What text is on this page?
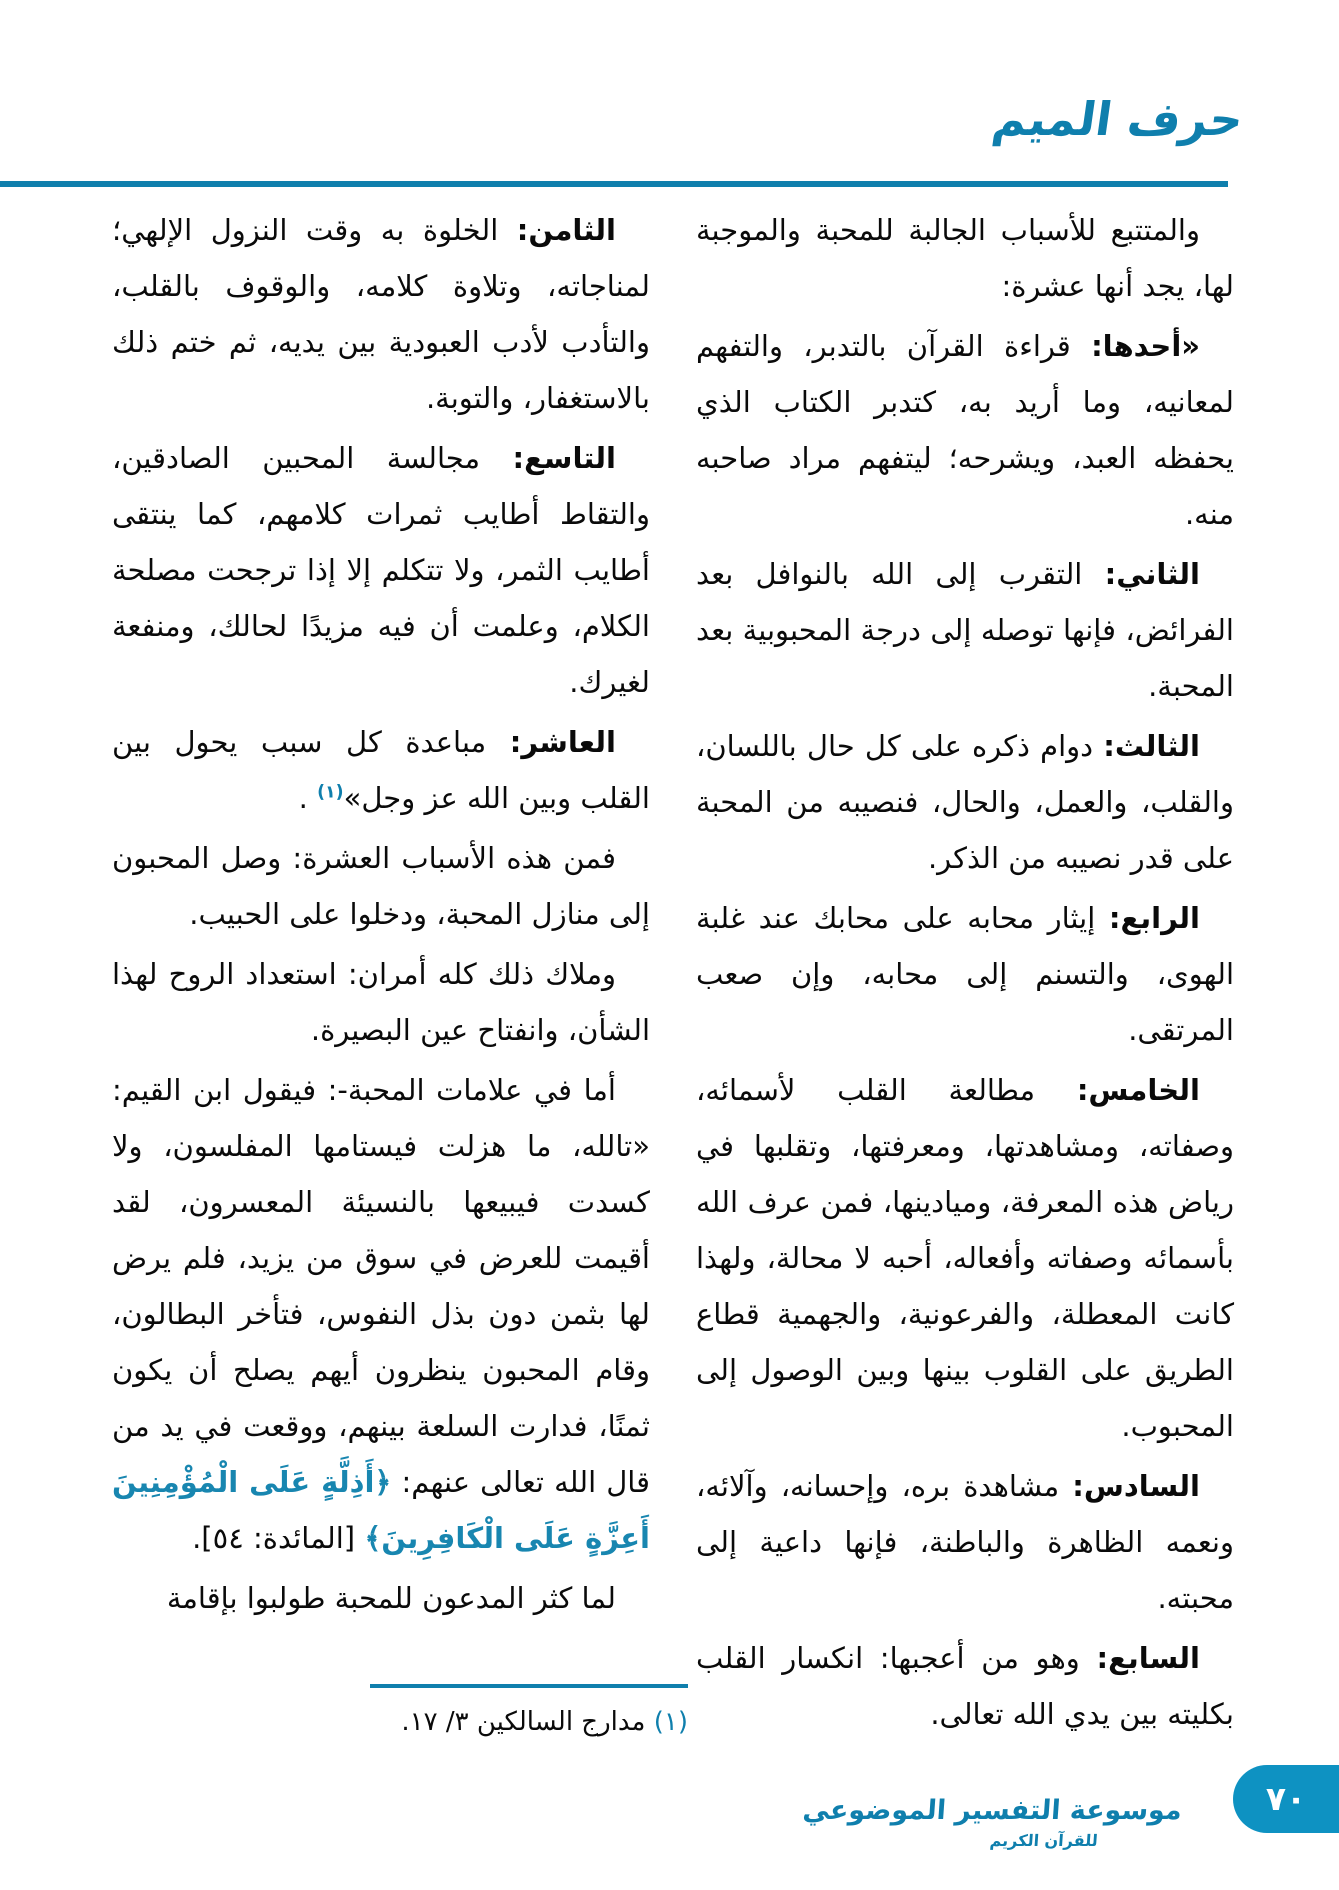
حرف الميم

والمتتبع للأسباب الجالبة للمحبة والموجبة لها، يجد أنها عشرة:

«أحدها: قراءة القرآن بالتدبر، والتفهم لمعانيه، وما أريد به، كتدبر الكتاب الذي يحفظه العبد، ويشرحه؛ ليتفهم مراد صاحبه منه.

الثاني: التقرب إلى الله بالنوافل بعد الفرائض، فإنها توصله إلى درجة المحبوبية بعد المحبة.

الثالث: دوام ذكره على كل حال باللسان، والقلب، والعمل، والحال، فنصيبه من المحبة على قدر نصيبه من الذكر.

الرابع: إيثار محابه على محابك عند غلبة الهوى، والتسنم إلى محابه، وإن صعب المرتقى.

الخامس: مطالعة القلب لأسمائه، وصفاته، ومشاهدتها، ومعرفتها، وتقلبها في رياض هذه المعرفة، وميادينها، فمن عرف الله بأسمائه وصفاته وأفعاله، أحبه لا محالة، ولهذا كانت المعطلة، والفرعونية، والجهمية قطاع الطريق على القلوب بينها وبين الوصول إلى المحبوب.

السادس: مشاهدة بره، وإحسانه، وآلائه، ونعمه الظاهرة والباطنة، فإنها داعية إلى محبته.

السابع: وهو من أعجبها: انكسار القلب بكليته بين يدي الله تعالى.

الثامن: الخلوة به وقت النزول الإلهي؛ لمناجاته، وتلاوة كلامه، والوقوف بالقلب، والتأدب لأدب العبودية بين يديه، ثم ختم ذلك بالاستغفار، والتوبة.

التاسع: مجالسة المحبين الصادقين، والتقاط أطايب ثمرات كلامهم، كما ينتقى أطايب الثمر، ولا تتكلم إلا إذا ترجحت مصلحة الكلام، وعلمت أن فيه مزيدًا لحالك، ومنفعة لغيرك.

العاشر: مباعدة كل سبب يحول بين القلب وبين الله عز وجل»$^{(١)}$ .

فمن هذه الأسباب العشرة: وصل المحبون إلى منازل المحبة، ودخلوا على الحبيب.

وملاك ذلك كله أمران: استعداد الروح لهذا الشأن، وانفتاح عين البصيرة.

أما في علامات المحبة-: فيقول ابن القيم: «تالله، ما هزلت فيستامها المفلسون، ولا كسدت فيبيعها بالنسيئة المعسرون، لقد أقيمت للعرض في سوق من يزيد، فلم يرض لها بثمن دون بذل النفوس، فتأخر البطالون، وقام المحبون ينظرون أيهم يصلح أن يكون ثمنًا، فدارت السلعة بينهم، ووقعت في يد من قال الله تعالى عنهم: ﴿أَذِلَّةٍ عَلَى الْمُؤْمِنِينَ أَعِزَّةٍ عَلَى الْكَافِرِينَ﴾ [المائدة: ٥٤].

لما كثر المدعون للمحبة طولبوا بإقامة

(١) مدارج السالكين ٣/ ١٧.

موسوعة التفسير الموضوعي
للقرآن الكريم
٧٠
